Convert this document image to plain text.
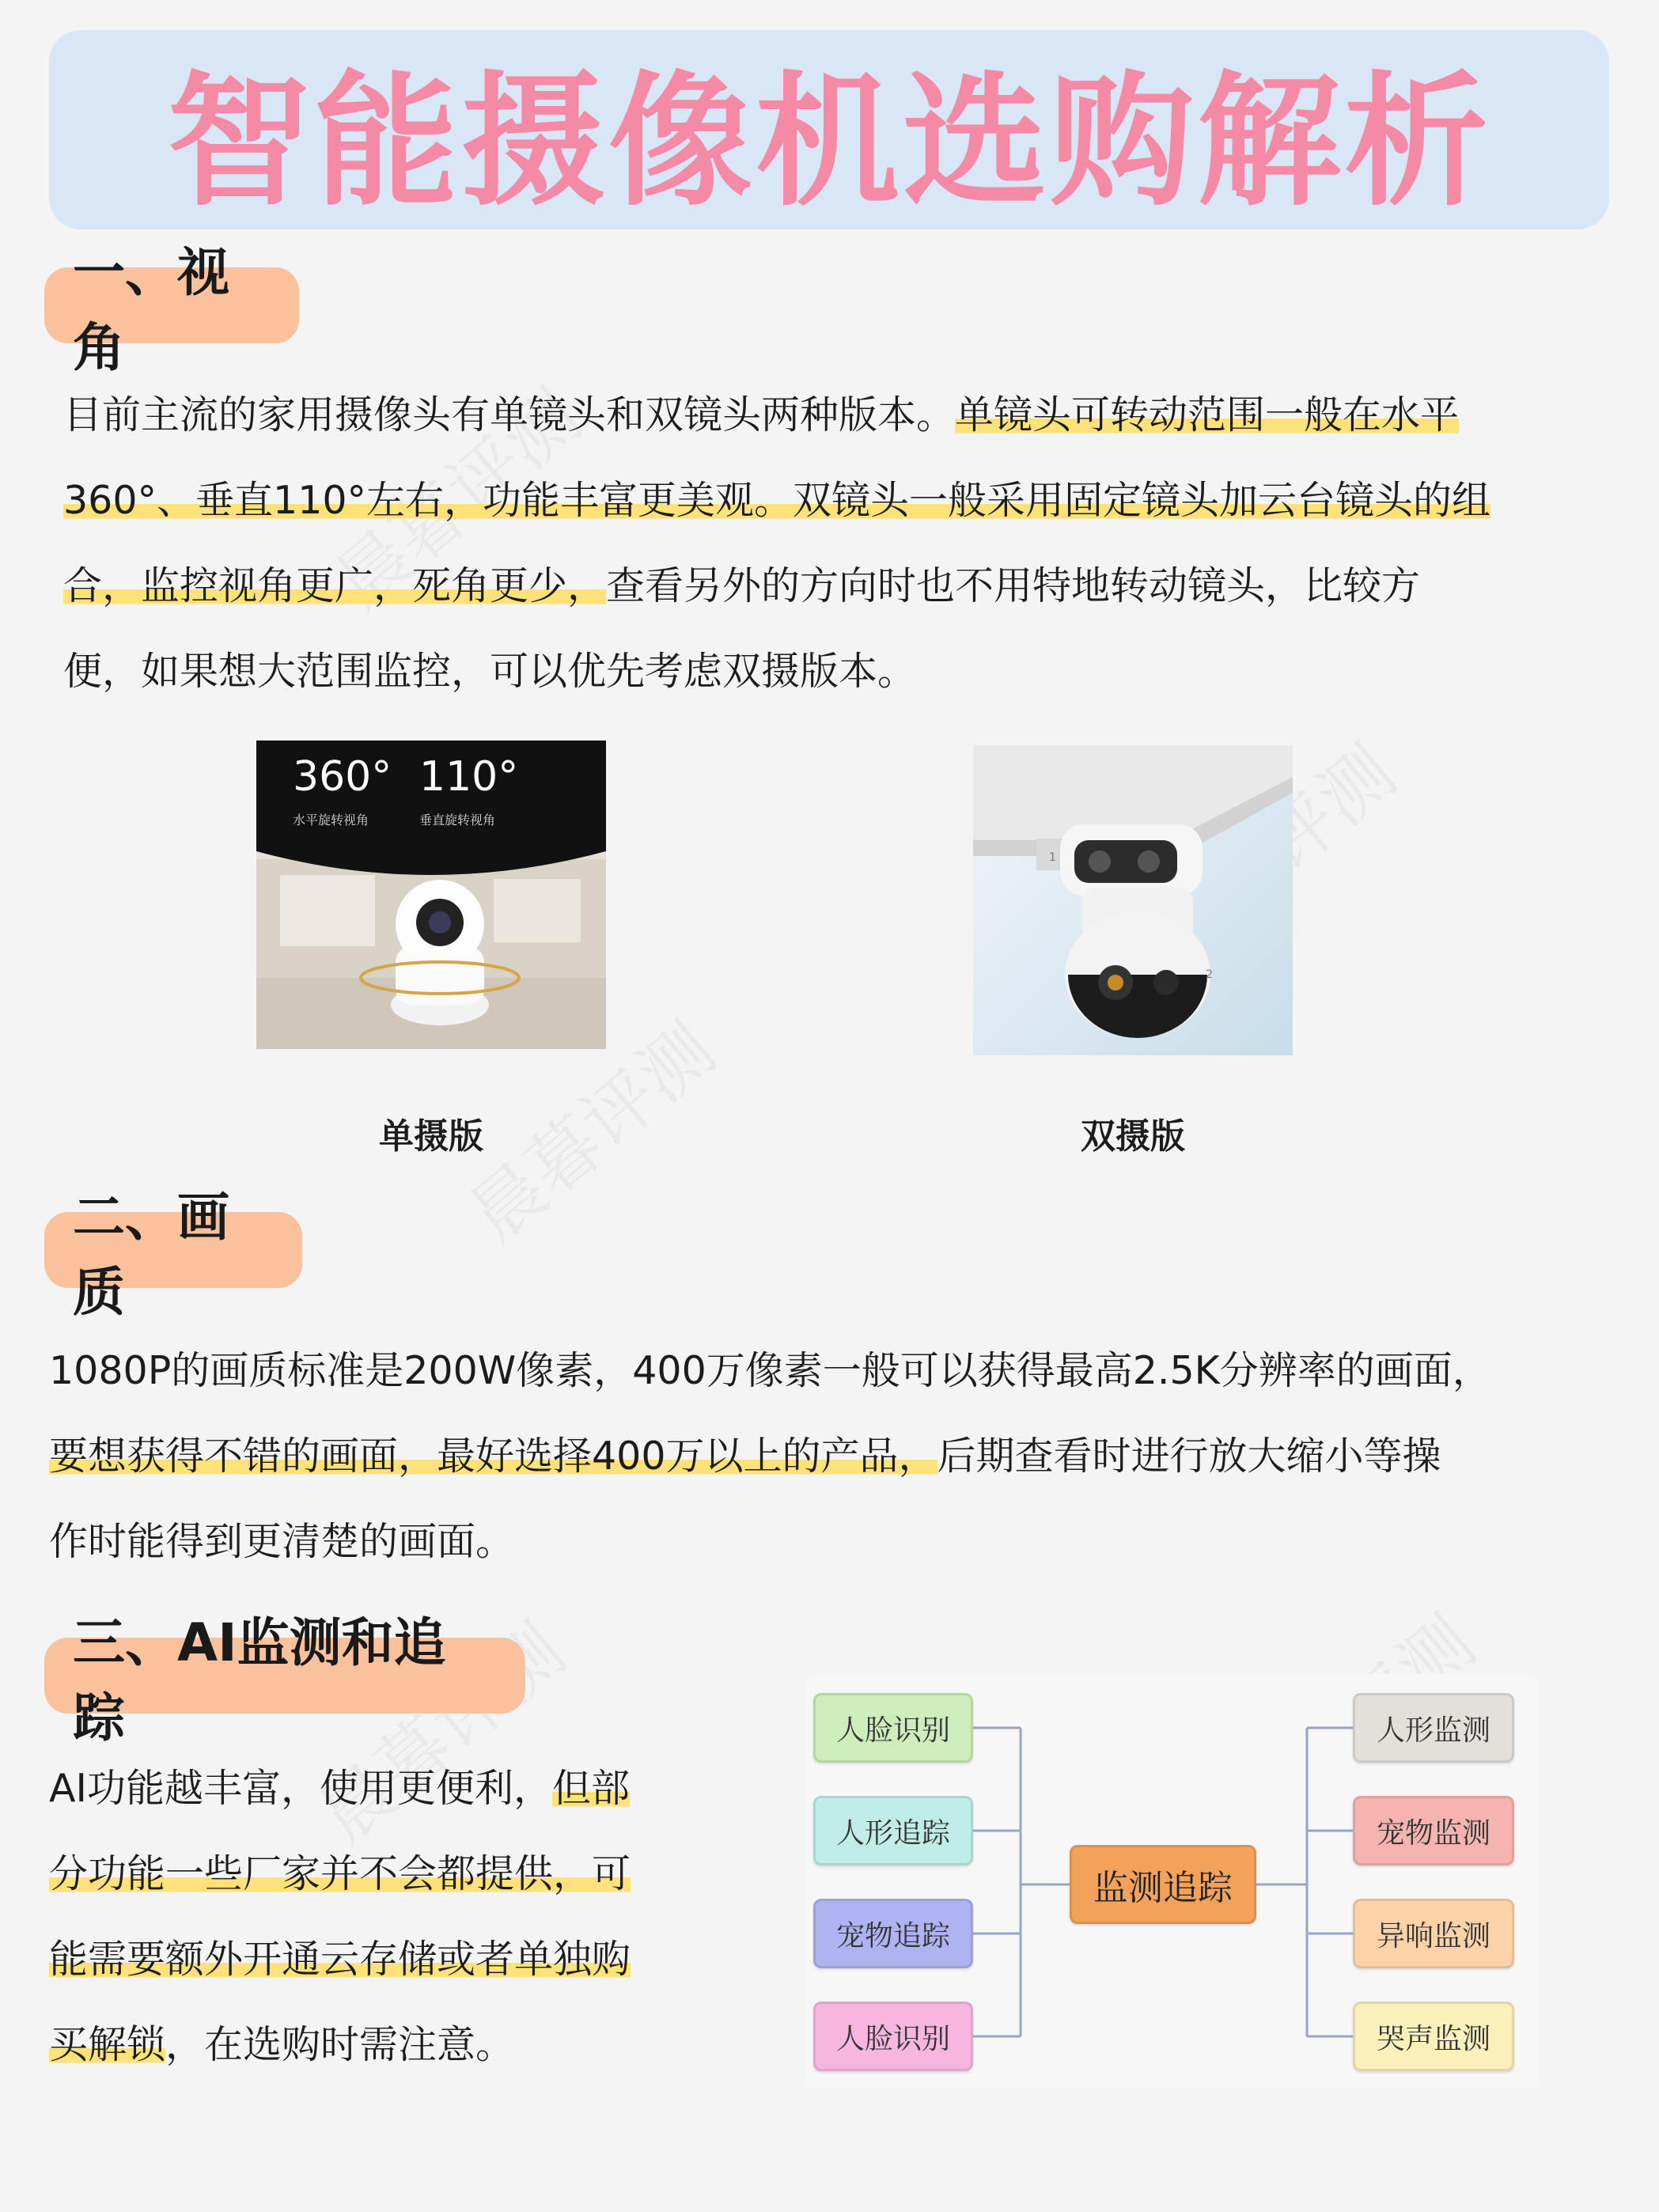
智能摄像机选购解析
一、视角
目前主流的家用摄像头有单镜头和双镜头两种版本。单镜头可转动范围一般在水平
360°、垂直110°左右，功能丰富更美观。双镜头一般采用固定镜头加云台镜头的组
合，监控视角更广，死角更少，查看另外的方向时也不用特地转动镜头，比较方
便，如果想大范围监控，可以优先考虑双摄版本。
360°
水平旋转视角
110°
垂直旋转视角
单摄版
1
2
双摄版
二、画质
1080P的画质标准是200W像素，400万像素一般可以获得最高2.5K分辨率的画面，
要想获得不错的画面，最好选择400万以上的产品，后期查看时进行放大缩小等操
作时能得到更清楚的画面。
三、AI监测和追踪
AI功能越丰富，使用更便利，但部
分功能一些厂家并不会都提供，可
能需要额外开通云存储或者单独购
买解锁，在选购时需注意。
人脸识别
人形追踪
宠物追踪
人脸识别
监测追踪
人形监测
宠物监测
异响监测
哭声监测
